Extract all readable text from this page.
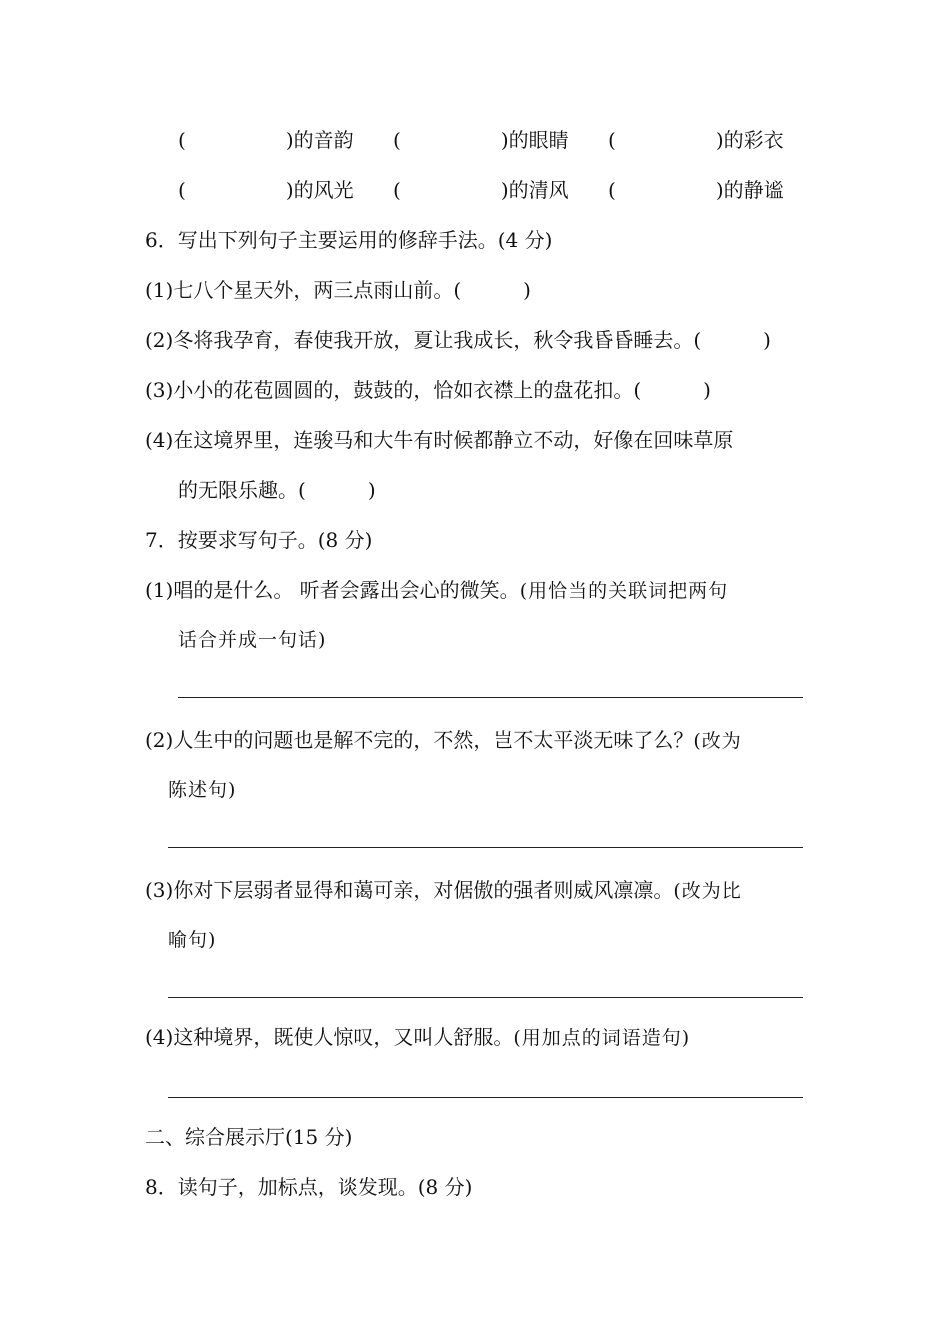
(	)的音韵 (	)的眼睛 (	)的彩衣
(	)的风光 (	)的清风 (	)的静谧
6．写出下列句子主要运用的修辞手法。(4 分)
(1)七八个星天外，两三点雨山前。(	)
(2)冬将我孕育，春使我开放，夏让我成长，秋令我昏昏睡去。(	)
(3)小小的花苞圆圆的，鼓鼓的，恰如衣襟上的盘花扣。(	)
(4)在这境界里，连骏马和大牛有时候都静立不动，好像在回味草原
的无限乐趣。(	)
7．按要求写句子。(8 分)
(1)唱的是什么。 听者会露出会心的微笑。(用恰当的关联词把两句
话合并成一句话)
(2)人生中的问题也是解不完的，不然，岂不太平淡无味了么？(改为
陈述句)
(3)你对下层弱者显得和蔼可亲，对倨傲的强者则威风凛凛。(改为比
喻句)
(4)这种境界，既使人惊叹，又叫人舒服。(用加点的词语造句)
二、综合展示厅(15 分)
8．读句子，加标点，谈发现。(8 分)
